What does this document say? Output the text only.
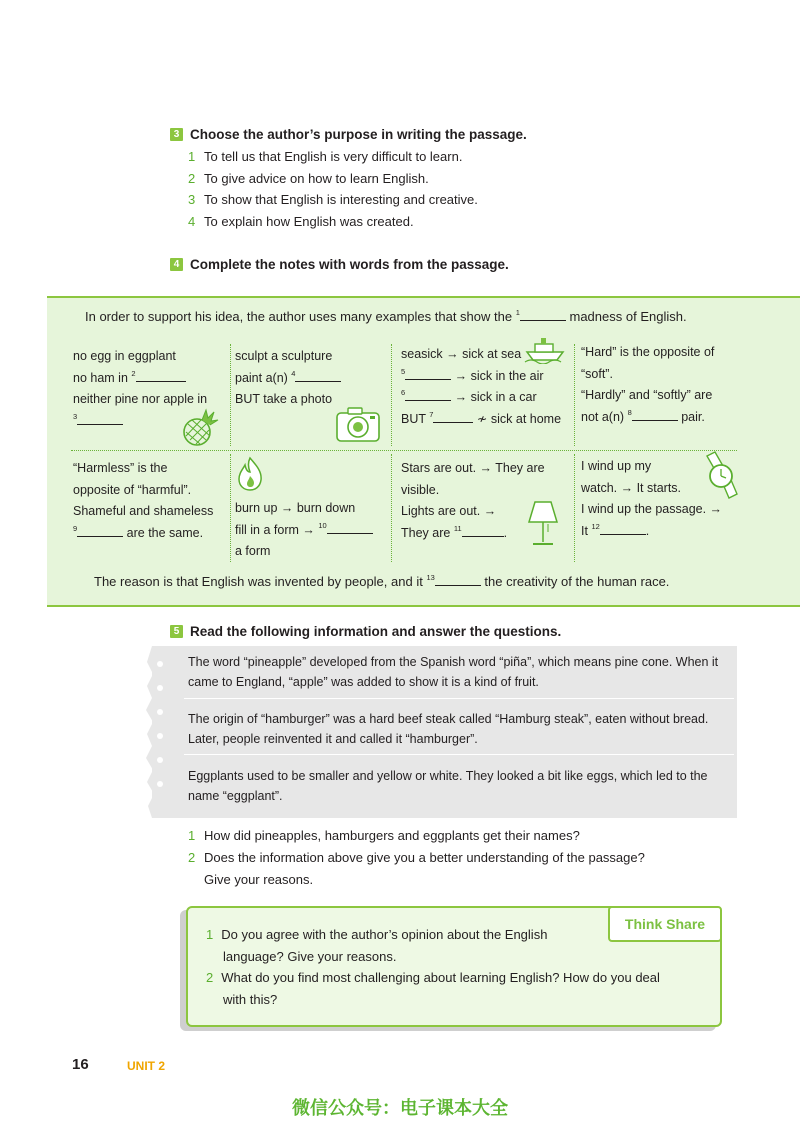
3 Choose the author’s purpose in writing the passage.
1 To tell us that English is very difficult to learn.
2 To give advice on how to learn English.
3 To show that English is interesting and creative.
4 To explain how English was created.
4 Complete the notes with words from the passage.
In order to support his idea, the author uses many examples that show the $^1$	madness of English.
no egg in eggplant
no ham in $^2$
neither pine nor apple in
$^3$
sculpt a sculpture
paint a(n) $^4$
BUT take a photo
seasick → sick at sea
$^5$	→ sick in the air
$^6$	→ sick in a car
BUT $^7$	≁ sick at home
“Hard” is the opposite of
“soft”.
“Hardly” and “softly” are
not a(n) $^8$	pair.
“Harmless” is the
opposite of “harmful”.
Shameful and shameless
$^9$	are the same.
burn up → burn down
fill in a form → $^{10}$
a form
Stars are out. → They are
visible.
Lights are out. →
They are $^{11}$	.
I wind up my
watch. → It starts.
I wind up the passage. →
It $^{12}$	.
The reason is that English was invented by people, and it $^{13}$	the creativity of the human race.
5 Read the following information and answer the questions.

The word “pineapple” developed from the Spanish word “piña”, which means pine cone. When it came to England, “apple” was added to show it is a kind of fruit.

The origin of “hamburger” was a hard beef steak called “Hamburg steak”, eaten without bread. Later, people reinvented it and called it “hamburger”.

Eggplants used to be smaller and yellow or white. They looked a bit like eggs, which led to the name “eggplant”.

1 How did pineapples, hamburgers and eggplants get their names?
2 Does the information above give you a better understanding of the passage?
Give your reasons.
Think Share
1 Do you agree with the author’s opinion about the English
language? Give your reasons.
2 What do you find most challenging about learning English? How do you deal
with this?
16	UNIT 2
微信公众号：电子课本大全
